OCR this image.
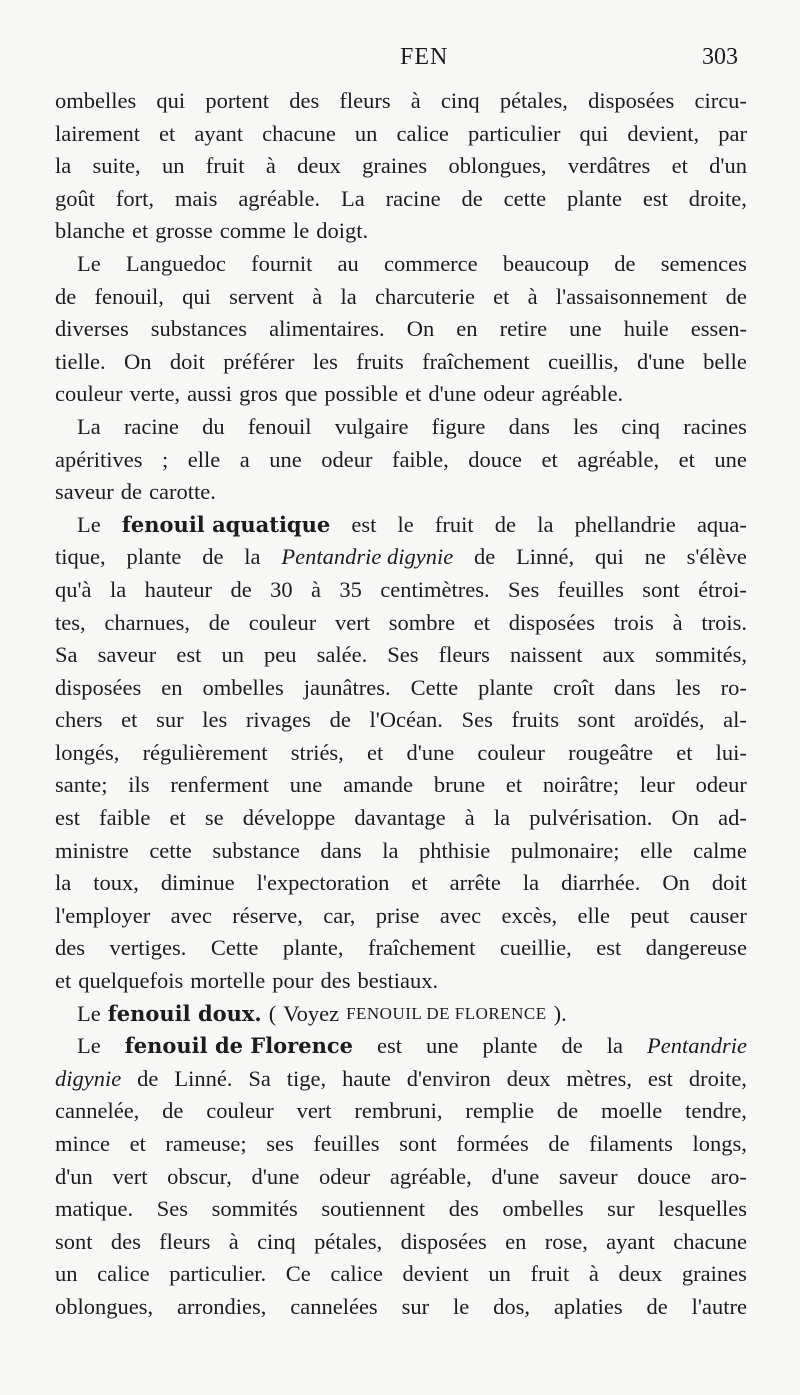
FEN	303
ombelles qui portent des fleurs à cinq pétales, disposées circu-
lairement et ayant chacune un calice particulier qui devient, par
la suite, un fruit à deux graines oblongues, verdâtres et d'un
goût fort, mais agréable. La racine de cette plante est droite,
blanche et grosse comme le doigt.
Le Languedoc fournit au commerce beaucoup de semences
de fenouil, qui servent à la charcuterie et à l'assaisonnement de
diverses substances alimentaires. On en retire une huile essen-
tielle. On doit préférer les fruits fraîchement cueillis, d'une belle
couleur verte, aussi gros que possible et d'une odeur agréable.
La racine du fenouil vulgaire figure dans les cinq racines
apéritives ; elle a une odeur faible, douce et agréable, et une
saveur de carotte.
Le fenouil aquatique est le fruit de la phellandrie aqua-
tique, plante de la Pentandrie digynie de Linné, qui ne s'élève
qu'à la hauteur de 30 à 35 centimètres. Ses feuilles sont étroi-
tes, charnues, de couleur vert sombre et disposées trois à trois.
Sa saveur est un peu salée. Ses fleurs naissent aux sommités,
disposées en ombelles jaunâtres. Cette plante croît dans les ro-
chers et sur les rivages de l'Océan. Ses fruits sont aroïdés, al-
longés, régulièrement striés, et d'une couleur rougeâtre et lui-
sante; ils renferment une amande brune et noirâtre; leur odeur
est faible et se développe davantage à la pulvérisation. On ad-
ministre cette substance dans la phthisie pulmonaire; elle calme
la toux, diminue l'expectoration et arrête la diarrhée. On doit
l'employer avec réserve, car, prise avec excès, elle peut causer
des vertiges. Cette plante, fraîchement cueillie, est dangereuse
et quelquefois mortelle pour des bestiaux.
Le fenouil doux. ( Voyez FENOUIL DE FLORENCE ).
Le fenouil de Florence est une plante de la Pentandrie
digynie de Linné. Sa tige, haute d'environ deux mètres, est droite,
cannelée, de couleur vert rembruni, remplie de moelle tendre,
mince et rameuse; ses feuilles sont formées de filaments longs,
d'un vert obscur, d'une odeur agréable, d'une saveur douce aro-
matique. Ses sommités soutiennent des ombelles sur lesquelles
sont des fleurs à cinq pétales, disposées en rose, ayant chacune
un calice particulier. Ce calice devient un fruit à deux graines
oblongues, arrondies, cannelées sur le dos, aplaties de l'autre
